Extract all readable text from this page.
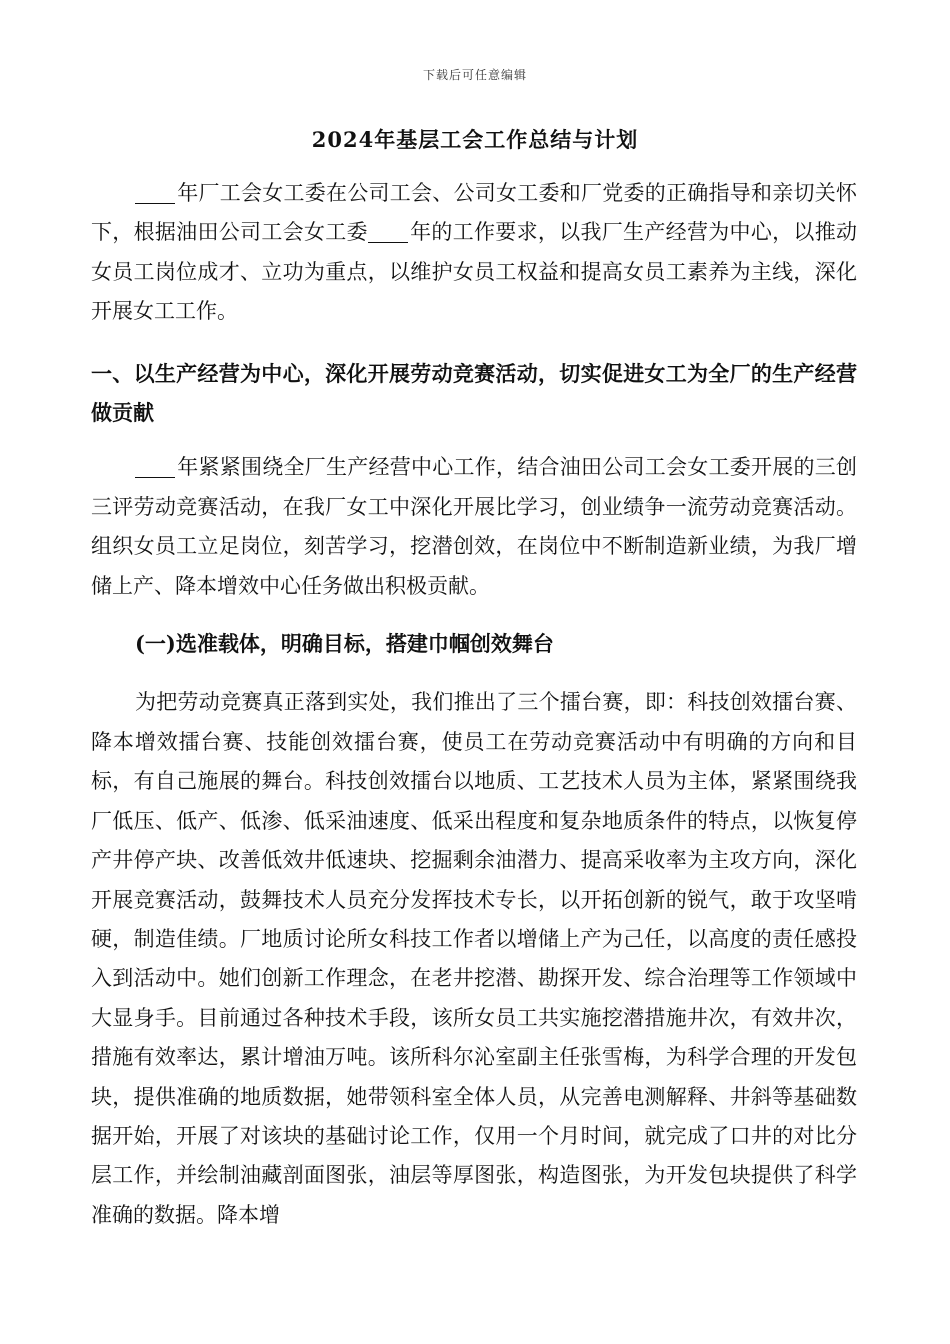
下载后可任意编辑
2024年基层工会工作总结与计划

年厂工会女工委在公司工会、公司女工委和厂党委的正确指导和亲切关怀下，根据油田公司工会女工委 年的工作要求，以我厂生产经营为中心，以推动女员工岗位成才、立功为重点，以维护女员工权益和提高女员工素养为主线，深化开展女工工作。

一、以生产经营为中心，深化开展劳动竞赛活动，切实促进女工为全厂的生产经营做贡献

年紧紧围绕全厂生产经营中心工作，结合油田公司工会女工委开展的三创三评劳动竞赛活动，在我厂女工中深化开展比学习，创业绩争一流劳动竞赛活动。组织女员工立足岗位，刻苦学习，挖潜创效，在岗位中不断制造新业绩，为我厂增储上产、降本增效中心任务做出积极贡献。

(一)选准载体，明确目标，搭建巾帼创效舞台

为把劳动竞赛真正落到实处，我们推出了三个擂台赛，即：科技创效擂台赛、降本增效擂台赛、技能创效擂台赛，使员工在劳动竞赛活动中有明确的方向和目标，有自己施展的舞台。科技创效擂台以地质、工艺技术人员为主体，紧紧围绕我厂低压、低产、低渗、低采油速度、低采出程度和复杂地质条件的特点，以恢复停产井停产块、改善低效井低速块、挖掘剩余油潜力、提高采收率为主攻方向，深化开展竞赛活动，鼓舞技术人员充分发挥技术专长，以开拓创新的锐气，敢于攻坚啃硬，制造佳绩。厂地质讨论所女科技工作者以增储上产为己任，以高度的责任感投入到活动中。她们创新工作理念，在老井挖潜、勘探开发、综合治理等工作领域中大显身手。目前通过各种技术手段，该所女员工共实施挖潜措施井次，有效井次，措施有效率达，累计增油万吨。该所科尔沁室副主任张雪梅，为科学合理的开发包块，提供准确的地质数据，她带领科室全体人员，从完善电测解释、井斜等基础数据开始，开展了对该块的基础讨论工作，仅用一个月时间，就完成了口井的对比分层工作，并绘制油藏剖面图张，油层等厚图张，构造图张，为开发包块提供了科学准确的数据。降本增
